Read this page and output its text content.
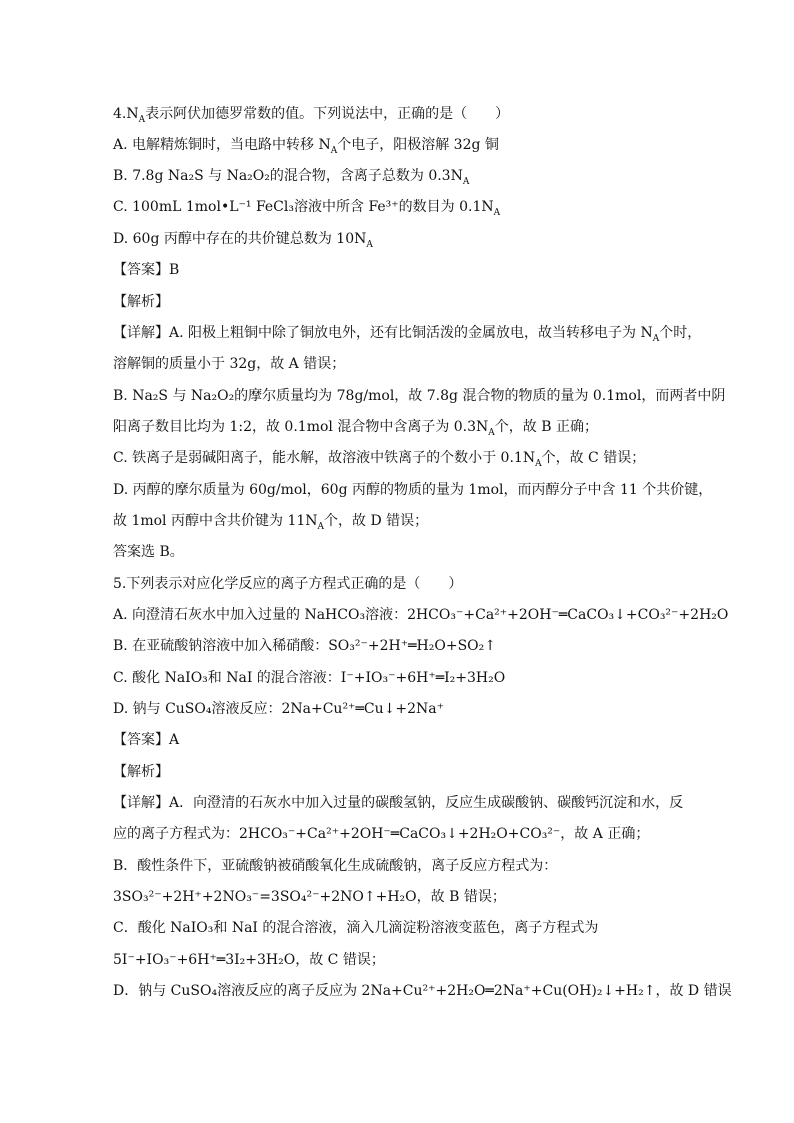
$4.N_A$表示阿伏加德罗常数的值。下列说法中，正确的是（　　）
A. 电解精炼铜时，当电路中转移 $N_A$个电子，阳极溶解 32g 铜
B. 7.8g Na₂S 与 Na₂O₂的混合物，含离子总数为 $0.3N_A$
C. 100mL 1mol•L⁻¹ FeCl₃溶液中所含 Fe³⁺的数目为 $0.1N_A$
D. 60g 丙醇中存在的共价键总数为 $10N_A$
【答案】B
【解析】
【详解】A. 阳极上粗铜中除了铜放电外，还有比铜活泼的金属放电，故当转移电子为 $N_A$个时，
溶解铜的质量小于 32g，故 A 错误；
B. Na₂S 与 Na₂O₂的摩尔质量均为 78g/mol，故 7.8g 混合物的物质的量为 0.1mol，而两者中阴
阳离子数目比均为 1:2，故 0.1mol 混合物中含离子为 $0.3N_A$个，故 B 正确；
C. 铁离子是弱碱阳离子，能水解，故溶液中铁离子的个数小于 $0.1N_A$个，故 C 错误；
D. 丙醇的摩尔质量为 60g/mol，60g 丙醇的物质的量为 1mol，而丙醇分子中含 11 个共价键，
故 1mol 丙醇中含共价键为 $11N_A$个，故 D 错误；
答案选 B。
5.下列表示对应化学反应的离子方程式正确的是（　　）
A. 向澄清石灰水中加入过量的 NaHCO₃溶液：2HCO₃⁻+Ca²⁺+2OH⁻═CaCO₃↓+CO₃²⁻+2H₂O
B. 在亚硫酸钠溶液中加入稀硝酸：SO₃²⁻+2H⁺═H₂O+SO₂↑
C. 酸化 NaIO₃和 NaI 的混合溶液：I⁻+IO₃⁻+6H⁺═I₂+3H₂O
D. 钠与 CuSO₄溶液反应：2Na+Cu²⁺═Cu↓+2Na⁺
【答案】A
【解析】
【详解】A．向澄清的石灰水中加入过量的碳酸氢钠，反应生成碳酸钠、碳酸钙沉淀和水，反
应的离子方程式为：2HCO₃⁻+Ca²⁺+2OH⁻═CaCO₃↓+2H₂O+CO₃²⁻，故 A 正确；
B．酸性条件下，亚硫酸钠被硝酸氧化生成硫酸钠，离子反应方程式为：
3SO₃²⁻+2H⁺+2NO₃⁻=3SO₄²⁻+2NO↑+H₂O，故 B 错误；
C．酸化 NaIO₃和 NaI 的混合溶液，滴入几滴淀粉溶液变蓝色，离子方程式为
5I⁻+IO₃⁻+6H⁺═3I₂+3H₂O，故 C 错误；
D．钠与 CuSO₄溶液反应的离子反应为 2Na+Cu²⁺+2H₂O═2Na⁺+Cu(OH)₂↓+H₂↑，故 D 错误
